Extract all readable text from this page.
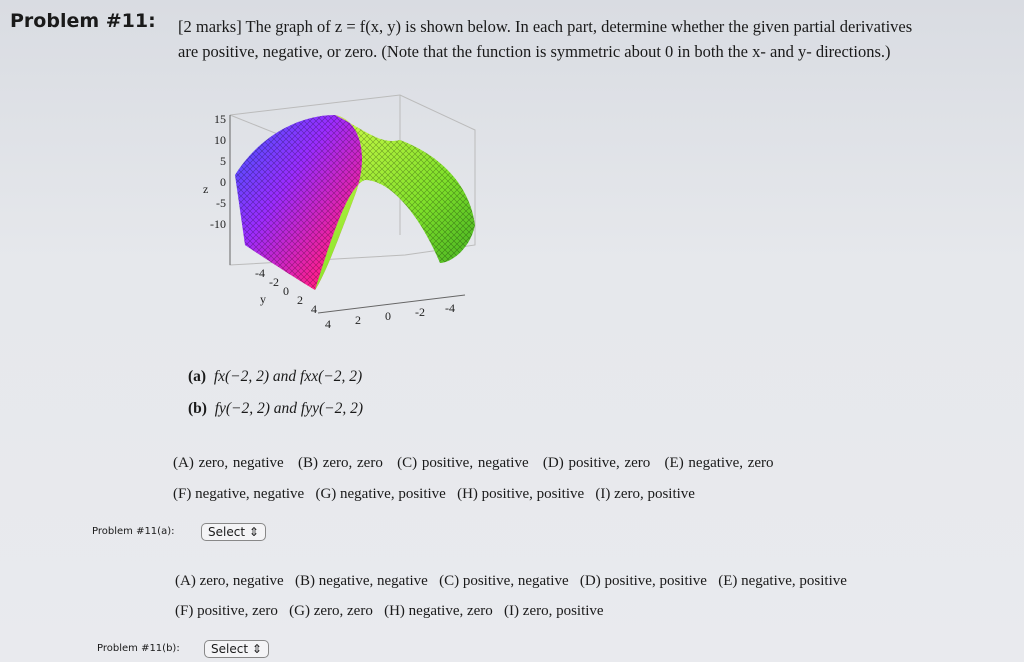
Problem #11: [2 marks] The graph of z = f(x, y) is shown below. In each part, determine whether the given partial derivatives
are positive, negative, or zero. (Note that the function is symmetric about 0 in both the x- and y- directions.)
15
10
5
0
-5
-10
z
y
-4
-2
0
2
4
4 2 0 -2 -4
(a) fx(−2, 2) and fxx(−2, 2)
(b) fy(−2, 2) and fyy(−2, 2)
(A) zero, negative (B) zero, zero (C) positive, negative (D) positive, zero (E) negative, zero
(F) negative, negative (G) negative, positive (H) positive, positive (I) zero, positive
Problem #11(a):	Select ⇕
(A) zero, negative (B) negative, negative (C) positive, negative (D) positive, positive (E) negative, positive
(F) positive, zero (G) zero, zero (H) negative, zero (I) zero, positive
Problem #11(b):	Select ⇕
